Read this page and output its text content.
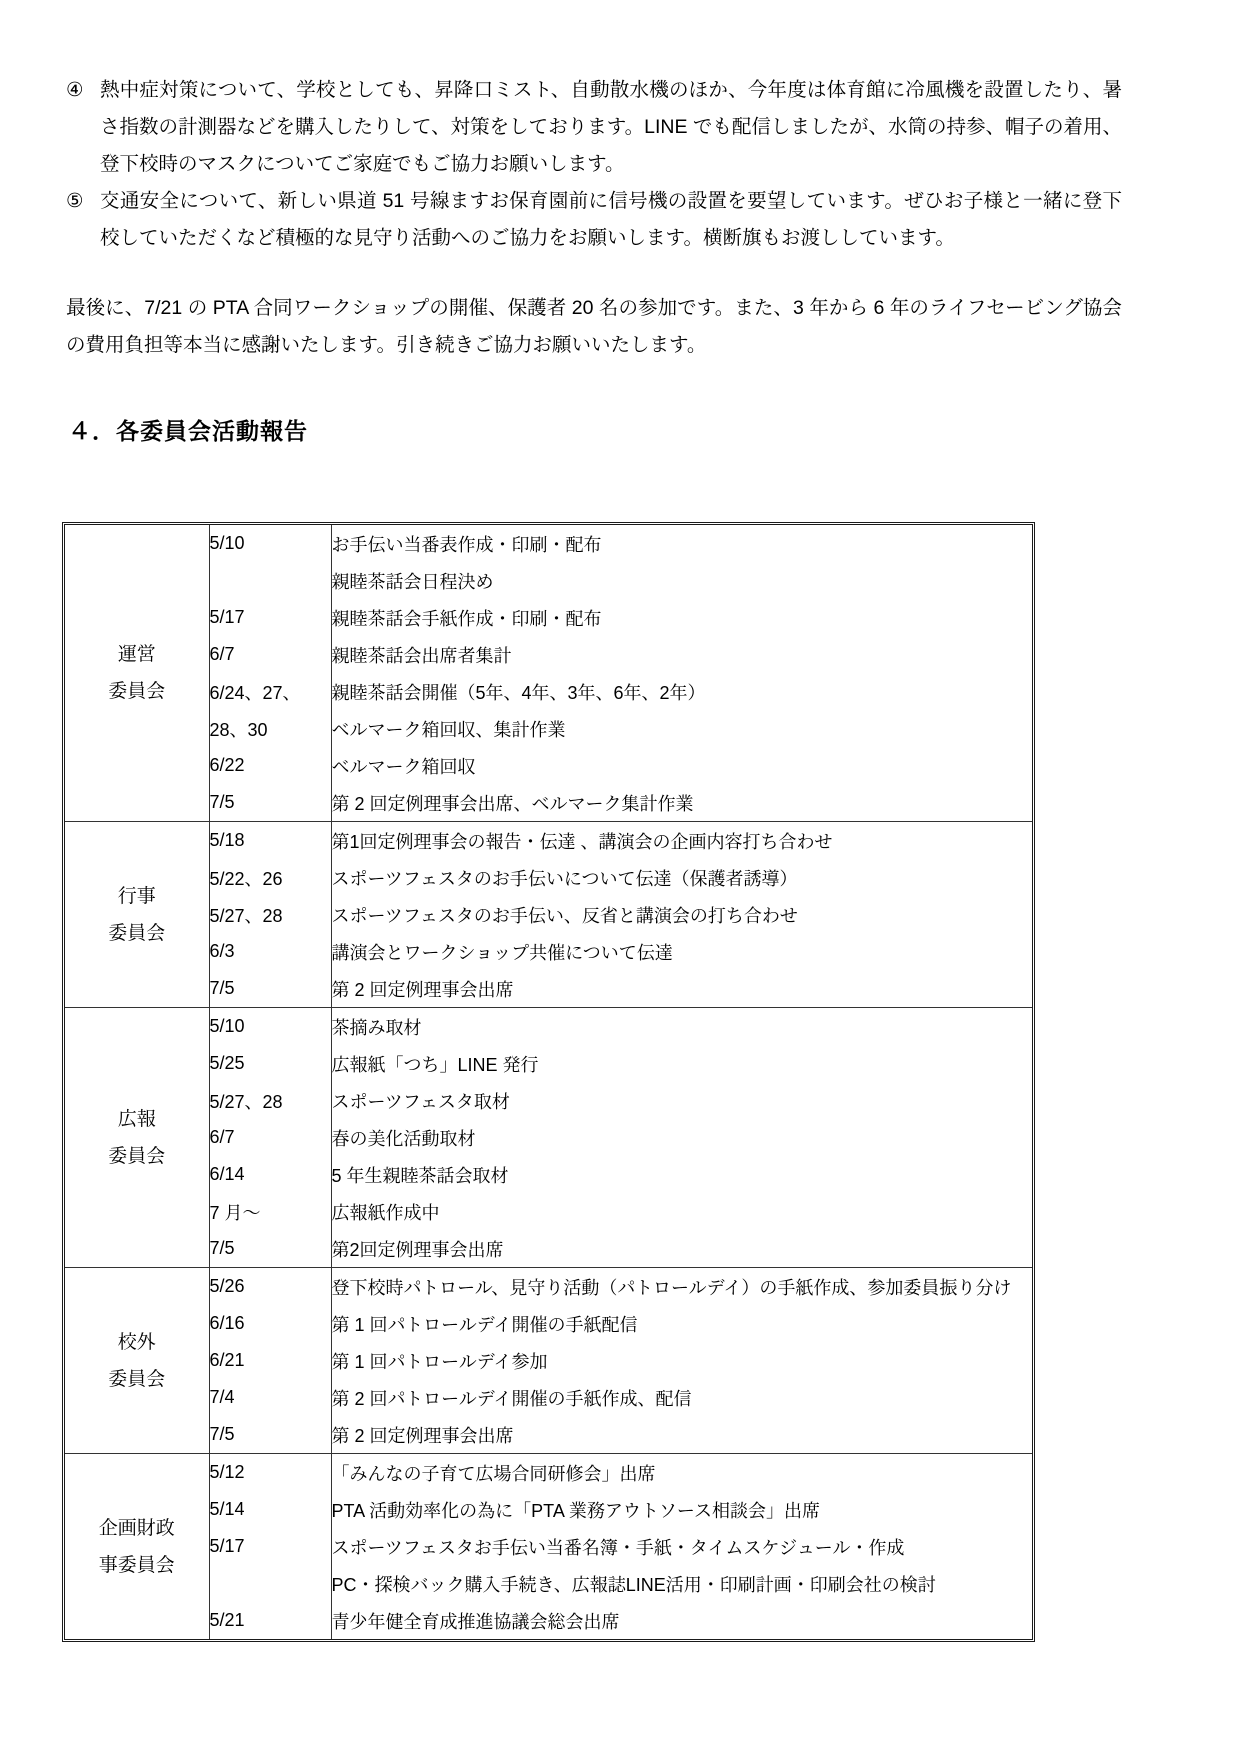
④ 熱中症対策について、学校としても、昇降口ミスト、自動散水機のほか、今年度は体育館に冷風機を設置したり、暑さ指数の計測器などを購入したりして、対策をしております。LINE でも配信しましたが、水筒の持参、帽子の着用、登下校時のマスクについてご家庭でもご協力お願いします。
⑤ 交通安全について、新しい県道 51 号線ますお保育園前に信号機の設置を要望しています。ぜひお子様と一緒に登下校していただくなど積極的な見守り活動へのご協力をお願いします。横断旗もお渡ししています。

最後に、7/21 の PTA 合同ワークショップの開催、保護者 20 名の参加です。また、3 年から 6 年のライフセービング協会の費用負担等本当に感謝いたします。引き続きご協力お願いいたします。

４．各委員会活動報告
運営
委員会	5/10	お手伝い当番表作成・印刷・配布
		親睦茶話会日程決め
	5/17	親睦茶話会手紙作成・印刷・配布
	6/7	親睦茶話会出席者集計
	6/24、27、	親睦茶話会開催（5年、4年、3年、6年、2年）
	28、30	ベルマーク箱回収、集計作業
	6/22	ベルマーク箱回収
	7/5	第 2 回定例理事会出席、ベルマーク集計作業

行事
委員会	5/18	第1回定例理事会の報告・伝達 、講演会の企画内容打ち合わせ
	5/22、26	スポーツフェスタのお手伝いについて伝達（保護者誘導）
	5/27、28	スポーツフェスタのお手伝い、反省と講演会の打ち合わせ
	6/3	講演会とワークショップ共催について伝達
	7/5	第 2 回定例理事会出席

広報
委員会	5/10	茶摘み取材
	5/25	広報紙「つち」LINE 発行
	5/27、28	スポーツフェスタ取材
	6/7	春の美化活動取材
	6/14	5 年生親睦茶話会取材
	7 月～	広報紙作成中
	7/5	第2回定例理事会出席

校外
委員会	5/26	登下校時パトロール、見守り活動（パトロールデイ）の手紙作成、参加委員振り分け
	6/16	第 1 回パトロールデイ開催の手紙配信
	6/21	第 1 回パトロールデイ参加
	7/4	第 2 回パトロールデイ開催の手紙作成、配信
	7/5	第 2 回定例理事会出席

企画財政
事委員会	5/12	「みんなの子育て広場合同研修会」出席
	5/14	PTA 活動効率化の為に「PTA 業務アウトソース相談会」出席
	5/17	スポーツフェスタお手伝い当番名簿・手紙・タイムスケジュール・作成
		PC・探検バック購入手続き、広報誌LINE活用・印刷計画・印刷会社の検討
	5/21	青少年健全育成推進協議会総会出席
